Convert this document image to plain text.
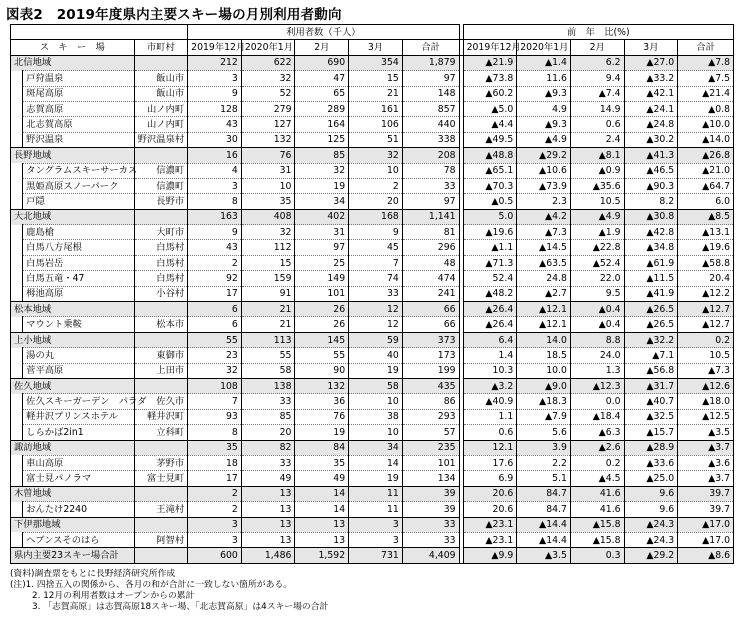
図表2　2019年度県内主要スキー場の月別利用者動向
			利用者数（千人）						前　年　比(%)				
ス　キ　ー　場		市町村	2019年12月	2020年1月	2月	3月	合計		2019年12月	2020年1月	2月	3月	合計
北信地域			212	622	690	354	1,879		▲21.9	▲1.4	6.2	▲27.0	▲7.8
	戸狩温泉	飯山市	3	32	47	15	97		▲73.8	11.6	9.4	▲33.2	▲7.5
	斑尾高原	飯山市	9	52	65	21	148		▲60.2	▲9.3	▲7.4	▲42.1	▲21.4
	志賀高原	山ノ内町	128	279	289	161	857		▲5.0	4.9	14.9	▲24.1	▲0.8
	北志賀高原	山ノ内町	43	127	164	106	440		▲4.4	▲9.3	0.6	▲24.8	▲10.0
	野沢温泉	野沢温泉村	30	132	125	51	338		▲49.5	▲4.9	2.4	▲30.2	▲14.0
長野地域			16	76	85	32	208		▲48.8	▲29.2	▲8.1	▲41.3	▲26.8
	タングラムスキーサーカス	信濃町	4	31	32	10	78		▲65.1	▲10.6	▲0.9	▲46.5	▲21.0
	黒姫高原スノーパーク	信濃町	3	10	19	2	33		▲70.3	▲73.9	▲35.6	▲90.3	▲64.7
	戸隠	長野市	8	35	34	20	97		▲0.5	2.3	10.5	8.2	6.0
大北地域			163	408	402	168	1,141		5.0	▲4.2	▲4.9	▲30.8	▲8.5
	鹿島槍	大町市	9	32	31	9	81		▲19.6	▲7.3	▲1.9	▲42.8	▲13.1
	白馬八方尾根	白馬村	43	112	97	45	296		▲1.1	▲14.5	▲22.8	▲34.8	▲19.6
	白馬岩岳	白馬村	2	15	25	7	48		▲71.3	▲63.5	▲52.4	▲61.9	▲58.8
	白馬五竜・47	白馬村	92	159	149	74	474		52.4	24.8	22.0	▲11.5	20.4
	栂池高原	小谷村	17	91	101	33	241		▲48.2	▲2.7	9.5	▲41.9	▲12.2
松本地域			6	21	26	12	66		▲26.4	▲12.1	▲0.4	▲26.5	▲12.7
	マウント乗鞍	松本市	6	21	26	12	66		▲26.4	▲12.1	▲0.4	▲26.5	▲12.7
上小地域			55	113	145	59	373		6.4	14.0	8.8	▲32.2	0.2
	湯の丸	東御市	23	55	55	40	173		1.4	18.5	24.0	▲7.1	10.5
	菅平高原	上田市	32	58	90	19	199		10.3	10.0	1.3	▲56.8	▲7.3
佐久地域			108	138	132	58	435		▲3.2	▲9.0	▲12.3	▲31.7	▲12.6
	佐久スキーガーデン　パラダ	佐久市	7	33	36	10	86		▲40.9	▲18.3	0.0	▲40.7	▲18.0
	軽井沢プリンスホテル	軽井沢町	93	85	76	38	293		1.1	▲7.9	▲18.4	▲32.5	▲12.5
	しらかば2in1	立科町	8	20	19	10	57		0.6	5.6	▲6.3	▲15.7	▲3.5
諏訪地域			35	82	84	34	235		12.1	3.9	▲2.6	▲28.9	▲3.7
	車山高原	茅野市	18	33	35	14	101		17.6	2.2	0.2	▲33.6	▲3.6
	富士見パノラマ	富士見町	17	49	49	19	134		6.9	5.1	▲4.5	▲25.0	▲3.7
木曽地域			2	13	14	11	39		20.6	84.7	41.6	9.6	39.7
	おんたけ2240	王滝村	2	13	14	11	39		20.6	84.7	41.6	9.6	39.7
下伊那地域			3	13	13	3	33		▲23.1	▲14.4	▲15.8	▲24.3	▲17.0
	ヘブンスそのはら	阿智村	3	13	13	3	33		▲23.1	▲14.4	▲15.8	▲24.3	▲17.0
県内主要23スキー場合計			600	1,486	1,592	731	4,409		▲9.9	▲3.5	0.3	▲29.2	▲8.6
(資料)調査票をもとに長野経済研究所作成
(注)1. 四捨五入の関係から、各月の和が合計に一致しない箇所がある。
2. 12月の利用者数はオープンからの累計
3. 「志賀高原」は志賀高原18スキー場、「北志賀高原」は4スキー場の合計
